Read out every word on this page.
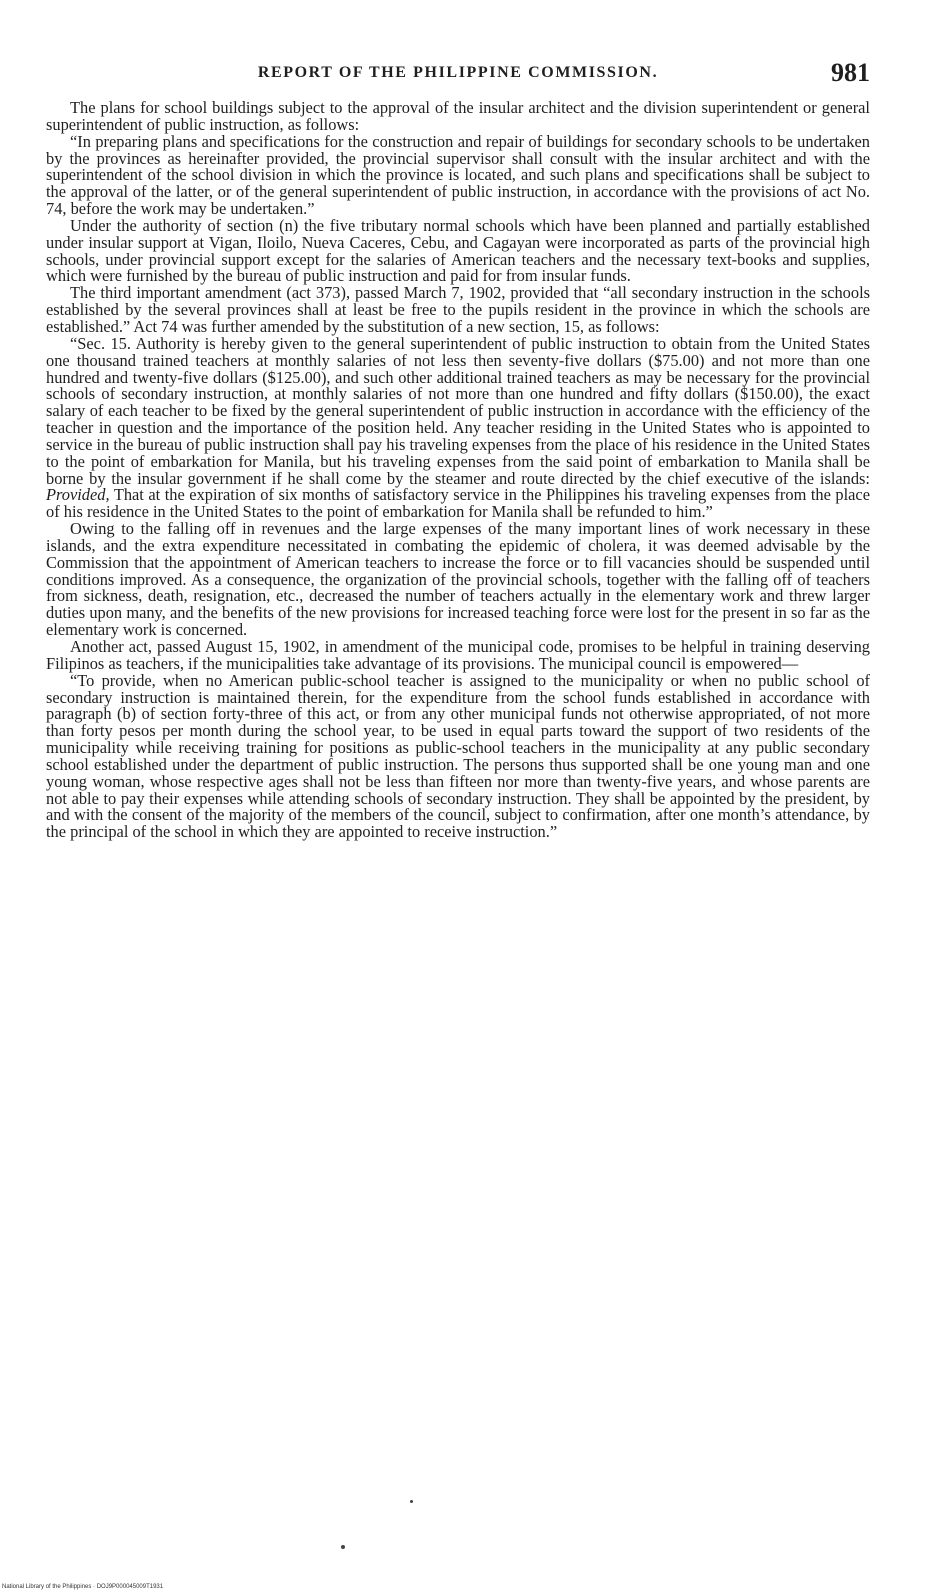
REPORT OF THE PHILIPPINE COMMISSION.	981

The plans for school buildings subject to the approval of the insular architect and the division superintendent or general superintendent of public instruction, as follows:

“In preparing plans and specifications for the construction and repair of buildings for secondary schools to be undertaken by the provinces as hereinafter provided, the provincial supervisor shall consult with the insular architect and with the superintendent of the school division in which the province is located, and such plans and specifications shall be subject to the approval of the latter, or of the general superintendent of public instruction, in accordance with the provisions of act No. 74, before the work may be undertaken.”

Under the authority of section (n) the five tributary normal schools which have been planned and partially established under insular support at Vigan, Iloilo, Nueva Caceres, Cebu, and Cagayan were incorporated as parts of the provincial high schools, under provincial support except for the salaries of American teachers and the necessary text-books and supplies, which were furnished by the bureau of public instruction and paid for from insular funds.

The third important amendment (act 373), passed March 7, 1902, provided that “all secondary instruction in the schools established by the several provinces shall at least be free to the pupils resident in the province in which the schools are established.” Act 74 was further amended by the substitution of a new section, 15, as follows:

“Sec. 15. Authority is hereby given to the general superintendent of public instruction to obtain from the United States one thousand trained teachers at monthly salaries of not less then seventy-five dollars ($75.00) and not more than one hundred and twenty-five dollars ($125.00), and such other additional trained teachers as may be necessary for the provincial schools of secondary instruction, at monthly salaries of not more than one hundred and fifty dollars ($150.00), the exact salary of each teacher to be fixed by the general superintendent of public instruction in accordance with the efficiency of the teacher in question and the importance of the position held. Any teacher residing in the United States who is appointed to service in the bureau of public instruction shall pay his traveling expenses from the place of his residence in the United States to the point of embarkation for Manila, but his traveling expenses from the said point of embarkation to Manila shall be borne by the insular government if he shall come by the steamer and route directed by the chief executive of the islands: Provided, That at the expiration of six months of satisfactory service in the Philippines his traveling expenses from the place of his residence in the United States to the point of embarkation for Manila shall be refunded to him.”

Owing to the falling off in revenues and the large expenses of the many important lines of work necessary in these islands, and the extra expenditure necessitated in combating the epidemic of cholera, it was deemed advisable by the Commission that the appointment of American teachers to increase the force or to fill vacancies should be suspended until conditions improved. As a consequence, the organization of the provincial schools, together with the falling off of teachers from sickness, death, resignation, etc., decreased the number of teachers actually in the elementary work and threw larger duties upon many, and the benefits of the new provisions for increased teaching force were lost for the present in so far as the elementary work is concerned.

Another act, passed August 15, 1902, in amendment of the municipal code, promises to be helpful in training deserving Filipinos as teachers, if the municipalities take advantage of its provisions. The municipal council is empowered—

“To provide, when no American public-school teacher is assigned to the municipality or when no public school of secondary instruction is maintained therein, for the expenditure from the school funds established in accordance with paragraph (b) of section forty-three of this act, or from any other municipal funds not otherwise appropriated, of not more than forty pesos per month during the school year, to be used in equal parts toward the support of two residents of the municipality while receiving training for positions as public-school teachers in the municipality at any public secondary school established under the department of public instruction. The persons thus supported shall be one young man and one young woman, whose respective ages shall not be less than fifteen nor more than twenty-five years, and whose parents are not able to pay their expenses while attending schools of secondary instruction. They shall be appointed by the president, by and with the consent of the majority of the members of the council, subject to confirmation, after one month’s attendance, by the principal of the school in which they are appointed to receive instruction.”

National Library of the Philippines · DOJ9P000045009T1931
